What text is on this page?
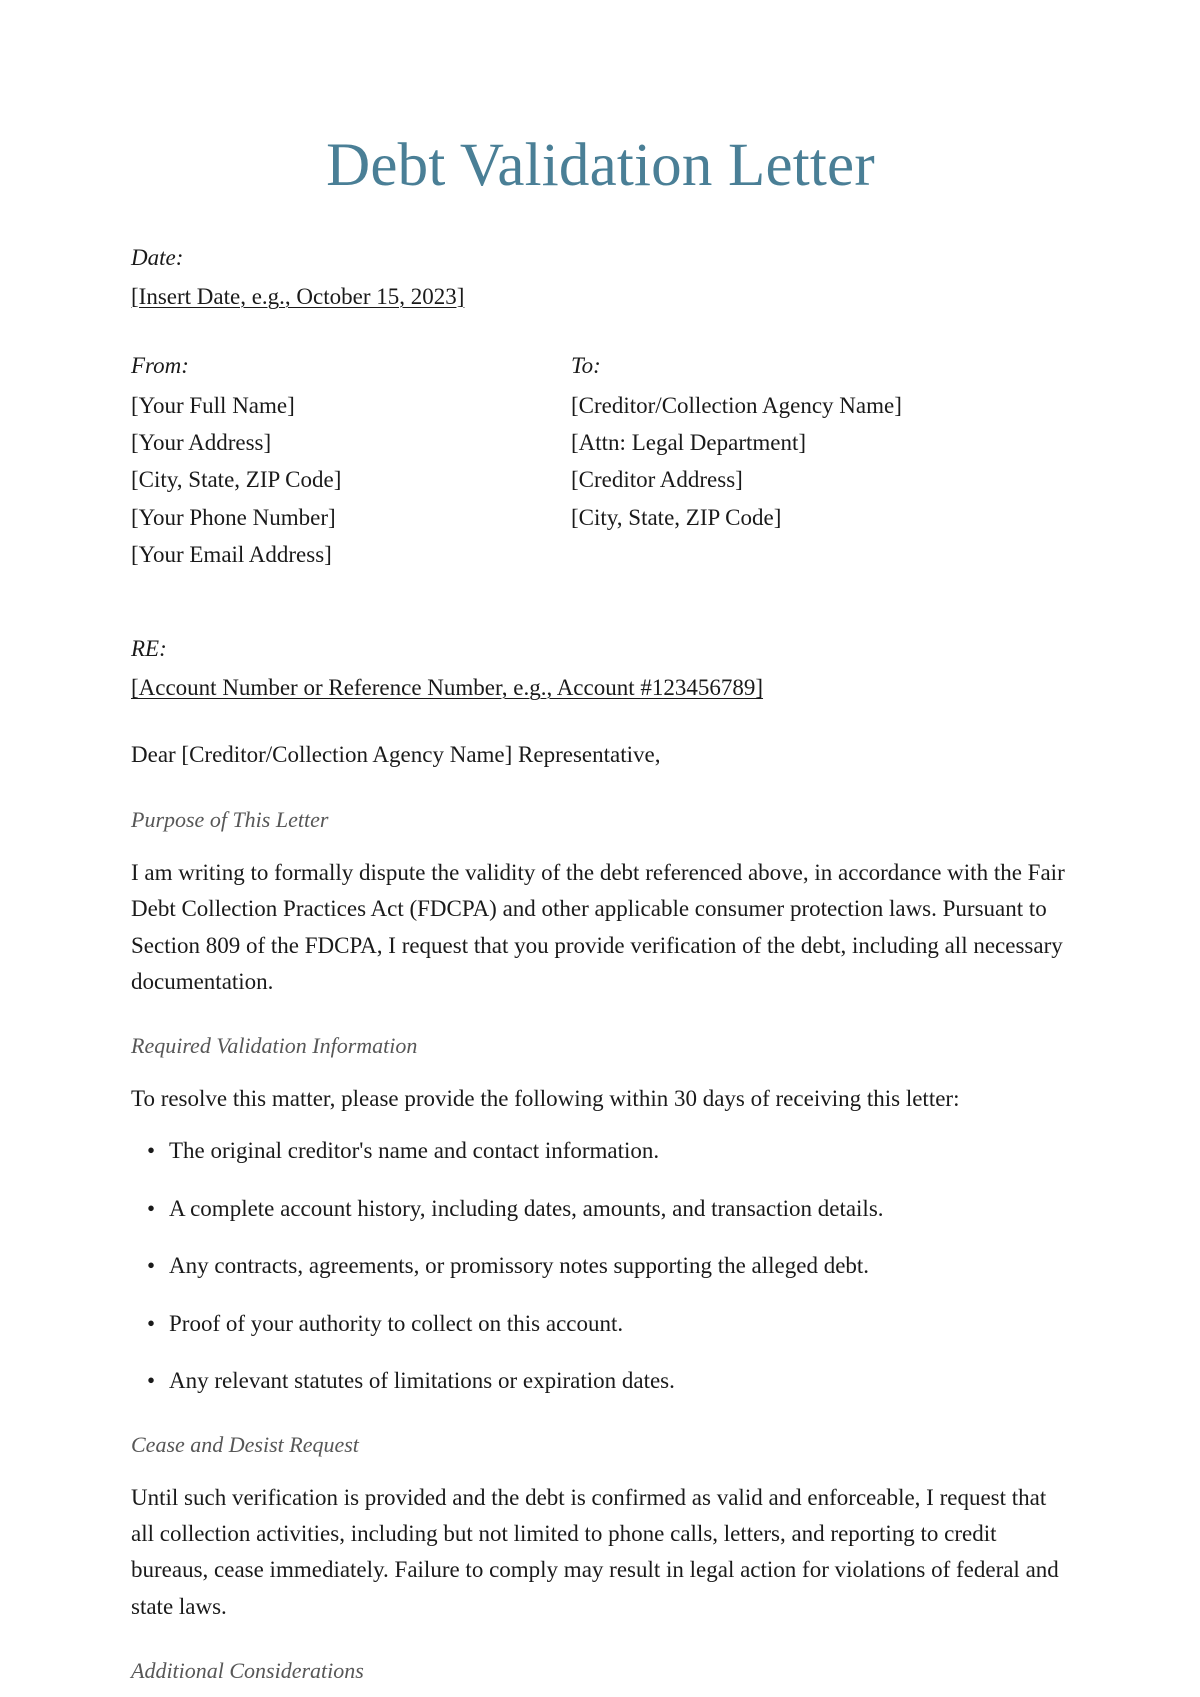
Debt Validation Letter
Date:
[Insert Date, e.g., October 15, 2023]
From:
[Your Full Name]
[Your Address]
[City, State, ZIP Code]
[Your Phone Number]
[Your Email Address]
To:
[Creditor/Collection Agency Name]
[Attn: Legal Department]
[Creditor Address]
[City, State, ZIP Code]
RE:
[Account Number or Reference Number, e.g., Account #123456789]
Dear [Creditor/Collection Agency Name] Representative,
Purpose of This Letter

I am writing to formally dispute the validity of the debt referenced above, in accordance with the Fair Debt Collection Practices Act (FDCPA) and other applicable consumer protection laws. Pursuant to Section 809 of the FDCPA, I request that you provide verification of the debt, including all necessary documentation.

Required Validation Information

To resolve this matter, please provide the following within 30 days of receiving this letter:

• The original creditor's name and contact information.
• A complete account history, including dates, amounts, and transaction details.
• Any contracts, agreements, or promissory notes supporting the alleged debt.
• Proof of your authority to collect on this account.
• Any relevant statutes of limitations or expiration dates.
Cease and Desist Request

Until such verification is provided and the debt is confirmed as valid and enforceable, I request that all collection activities, including but not limited to phone calls, letters, and reporting to credit bureaus, cease immediately. Failure to comply may result in legal action for violations of federal and state laws.

Additional Considerations
